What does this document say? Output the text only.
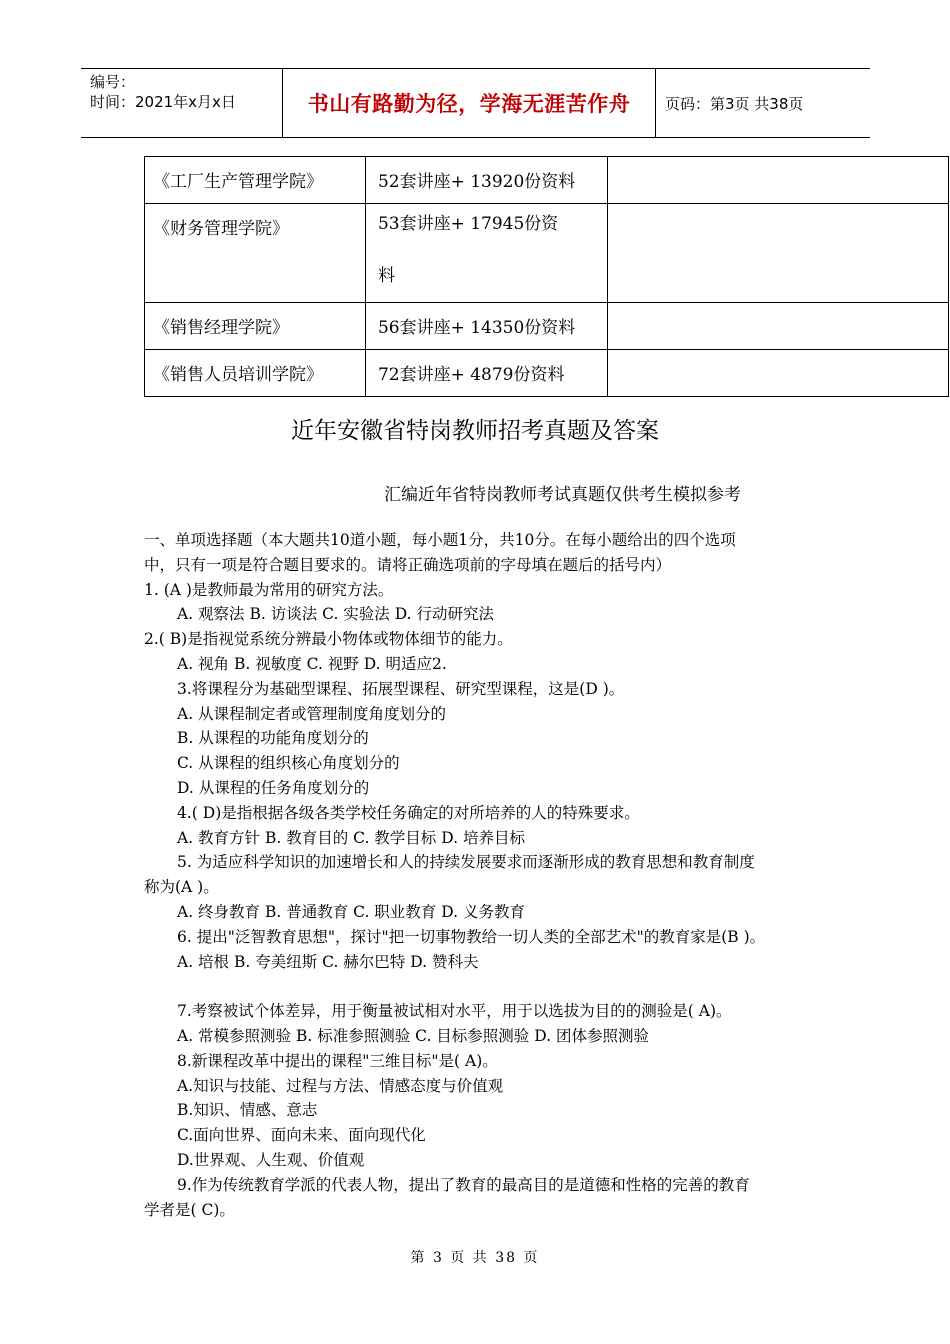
编号：
时间：2021年x月x日	书山有路勤为径，学海无涯苦作舟	页码：第3页 共38页
《工厂生产管理学院》	52套讲座+ 13920份资料	
《财务管理学院》	53套讲座+ 17945份资

料	

《销售经理学院》	56套讲座+ 14350份资料	
《销售人员培训学院》	72套讲座+ 4879份资料	
近年安徽省特岗教师招考真题及答案
汇编近年省特岗教师考试真题仅供考生模拟参考

一、单项选择题（本大题共10道小题，每小题1分，共10分。在每小题给出的四个选项

中，只有一项是符合题目要求的。请将正确选项前的字母填在题后的括号内）

1. (A )是教师最为常用的研究方法。

A. 观察法 B. 访谈法 C. 实验法 D. 行动研究法

2.( B)是指视觉系统分辨最小物体或物体细节的能力。

A. 视角 B. 视敏度 C. 视野 D. 明适应2.

3.将课程分为基础型课程、拓展型课程、研究型课程，这是(D )。

A. 从课程制定者或管理制度角度划分的

B. 从课程的功能角度划分的

C. 从课程的组织核心角度划分的

D. 从课程的任务角度划分的

4.( D)是指根据各级各类学校任务确定的对所培养的人的特殊要求。

A. 教育方针 B. 教育目的 C. 教学目标 D. 培养目标

5. 为适应科学知识的加速增长和人的持续发展要求而逐渐形成的教育思想和教育制度

称为(A )。

A. 终身教育 B. 普通教育 C. 职业教育 D. 义务教育

6. 提出"泛智教育思想"，探讨"把一切事物教给一切人类的全部艺术"的教育家是(B )。

A. 培根 B. 夸美纽斯 C. 赫尔巴特 D. 赞科夫

7.考察被试个体差异，用于衡量被试相对水平，用于以选拔为目的的测验是( A)。

A. 常模参照测验 B. 标准参照测验 C. 目标参照测验 D. 团体参照测验

8.新课程改革中提出的课程"三维目标"是( A)。

A.知识与技能、过程与方法、情感态度与价值观

B.知识、情感、意志

C.面向世界、面向未来、面向现代化

D.世界观、人生观、价值观

9.作为传统教育学派的代表人物，提出了教育的最高目的是道德和性格的完善的教育

学者是( C)。

第 3 页 共 38 页
